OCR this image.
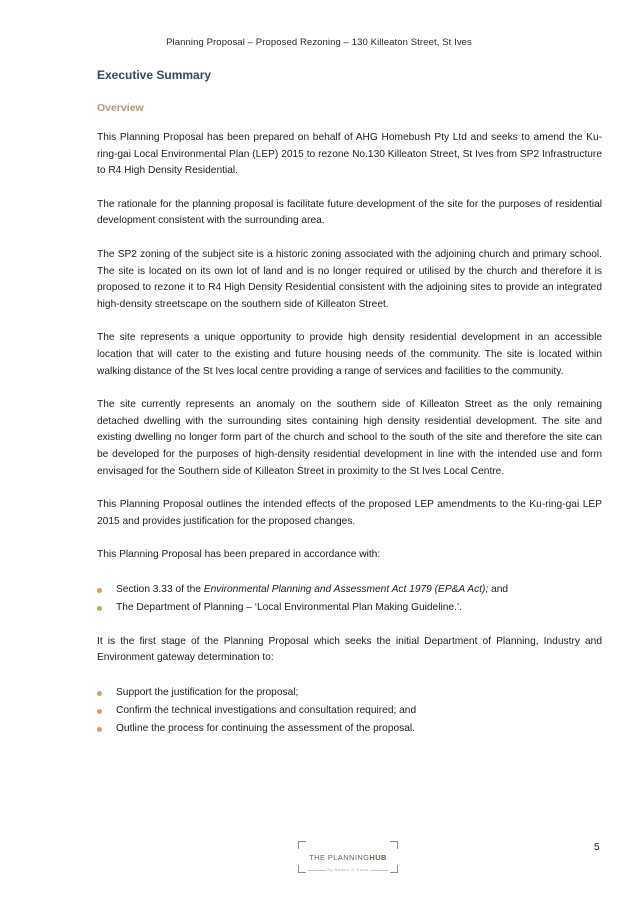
Planning Proposal – Proposed Rezoning – 130 Killeaton Street, St Ives
Executive Summary
Overview

This Planning Proposal has been prepared on behalf of AHG Homebush Pty Ltd and seeks to amend the Ku-ring-gai Local Environmental Plan (LEP) 2015 to rezone No.130 Killeaton Street, St Ives from SP2 Infrastructure to R4 High Density Residential.

The rationale for the planning proposal is facilitate future development of the site for the purposes of residential development consistent with the surrounding area.

The SP2 zoning of the subject site is a historic zoning associated with the adjoining church and primary school. The site is located on its own lot of land and is no longer required or utilised by the church and therefore it is proposed to rezone it to R4 High Density Residential consistent with the adjoining sites to provide an integrated high-density streetscape on the southern side of Killeaton Street.

The site represents a unique opportunity to provide high density residential development in an accessible location that will cater to the existing and future housing needs of the community. The site is located within walking distance of the St Ives local centre providing a range of services and facilities to the community.

The site currently represents an anomaly on the southern side of Killeaton Street as the only remaining detached dwelling with the surrounding sites containing high density residential development. The site and existing dwelling no longer form part of the church and school to the south of the site and therefore the site can be developed for the purposes of high-density residential development in line with the intended use and form envisaged for the Southern side of Killeaton Street in proximity to the St Ives Local Centre.

This Planning Proposal outlines the intended effects of the proposed LEP amendments to the Ku-ring-gai LEP 2015 and provides justification for the proposed changes.

This Planning Proposal has been prepared in accordance with:

Section 3.33 of the Environmental Planning and Assessment Act 1979 (EP&A Act); and
The Department of Planning – ‘Local Environmental Plan Making Guideline.’.

It is the first stage of the Planning Proposal which seeks the initial Department of Planning, Industry and Environment gateway determination to:

Support the justification for the proposal;
Confirm the technical investigations and consultation required; and
Outline the process for continuing the assessment of the proposal.
THE PLANNINGHUB
by Hawes & Swan
5
